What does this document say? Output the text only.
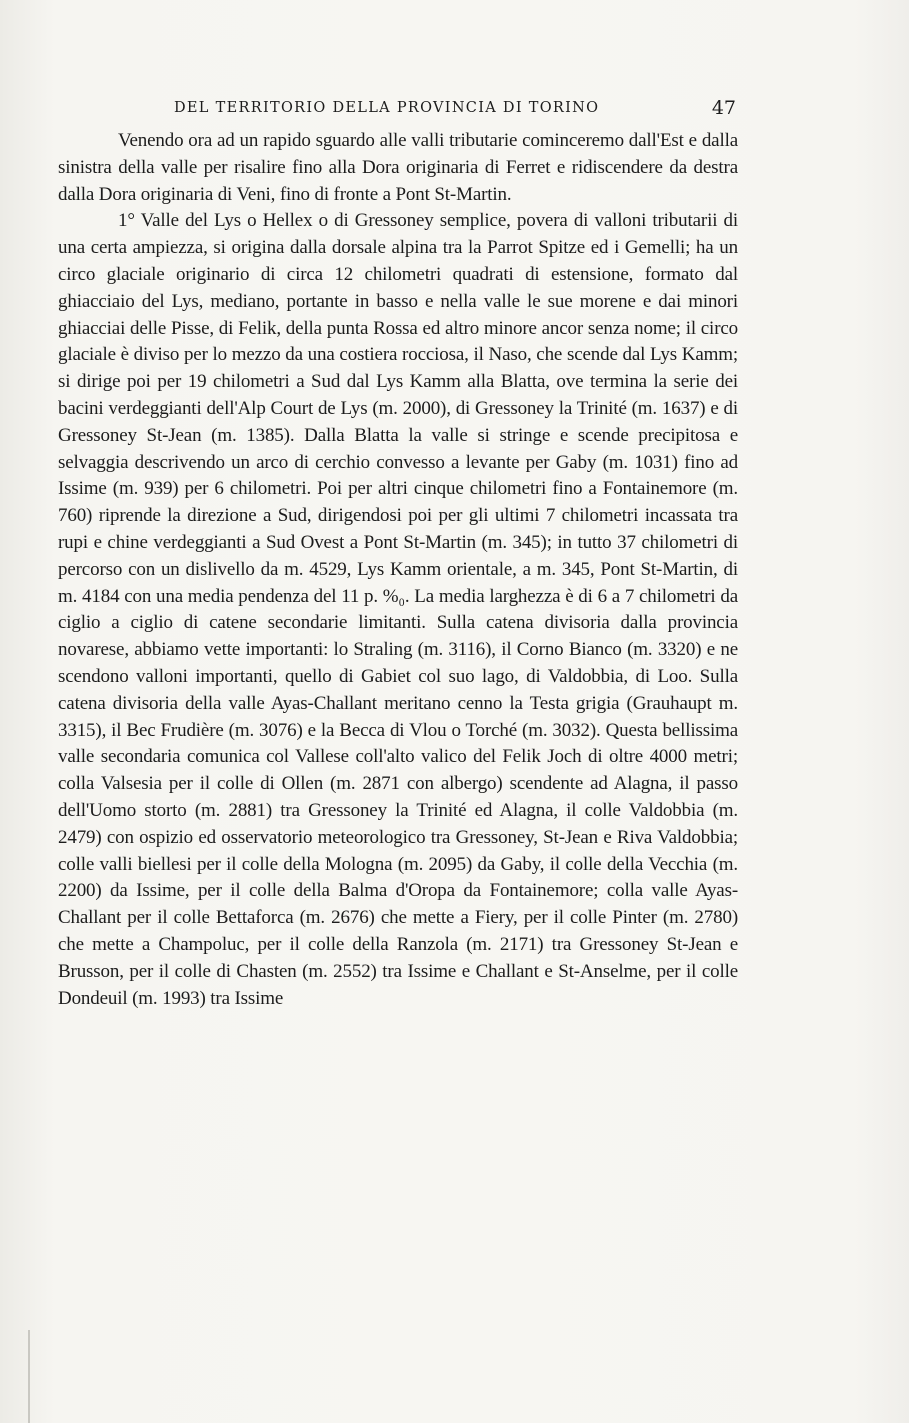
DEL TERRITORIO DELLA PROVINCIA DI TORINO	47

Venendo ora ad un rapido sguardo alle valli tributarie cominceremo dall'Est e dalla sinistra della valle per risalire fino alla Dora originaria di Ferret e ridiscendere da destra dalla Dora originaria di Veni, fino di fronte a Pont St-Martin.

1° Valle del Lys o Hellex o di Gressoney semplice, povera di valloni tributarii di una certa ampiezza, si origina dalla dorsale alpina tra la Parrot Spitze ed i Gemelli; ha un circo glaciale originario di circa 12 chilometri quadrati di estensione, formato dal ghiacciaio del Lys, mediano, portante in basso e nella valle le sue morene e dai minori ghiacciai delle Pisse, di Felik, della punta Rossa ed altro minore ancor senza nome; il circo glaciale è diviso per lo mezzo da una costiera rocciosa, il Naso, che scende dal Lys Kamm; si dirige poi per 19 chilometri a Sud dal Lys Kamm alla Blatta, ove termina la serie dei bacini verdeggianti dell'Alp Court de Lys (m. 2000), di Gressoney la Trinité (m. 1637) e di Gressoney St-Jean (m. 1385). Dalla Blatta la valle si stringe e scende precipitosa e selvaggia descrivendo un arco di cerchio convesso a levante per Gaby (m. 1031) fino ad Issime (m. 939) per 6 chilometri. Poi per altri cinque chilometri fino a Fontainemore (m. 760) riprende la direzione a Sud, dirigendosi poi per gli ultimi 7 chilometri incassata tra rupi e chine verdeggianti a Sud Ovest a Pont St-Martin (m. 345); in tutto 37 chilometri di percorso con un dislivello da m. 4529, Lys Kamm orientale, a m. 345, Pont St-Martin, di m. 4184 con una media pendenza del 11 p. %₀. La media larghezza è di 6 a 7 chilometri da ciglio a ciglio di catene secondarie limitanti. Sulla catena divisoria dalla provincia novarese, abbiamo vette importanti: lo Straling (m. 3116), il Corno Bianco (m. 3320) e ne scendono valloni importanti, quello di Gabiet col suo lago, di Valdobbia, di Loo. Sulla catena divisoria della valle Ayas-Challant meritano cenno la Testa grigia (Grauhaupt m. 3315), il Bec Frudière (m. 3076) e la Becca di Vlou o Torché (m. 3032). Questa bellissima valle secondaria comunica col Vallese coll'alto valico del Felik Joch di oltre 4000 metri; colla Valsesia per il colle di Ollen (m. 2871 con albergo) scendente ad Alagna, il passo dell'Uomo storto (m. 2881) tra Gressoney la Trinité ed Alagna, il colle Valdobbia (m. 2479) con ospizio ed osservatorio meteorologico tra Gressoney, St-Jean e Riva Valdobbia; colle valli biellesi per il colle della Mologna (m. 2095) da Gaby, il colle della Vecchia (m. 2200) da Issime, per il colle della Balma d'Oropa da Fontainemore; colla valle Ayas-Challant per il colle Bettaforca (m. 2676) che mette a Fiery, per il colle Pinter (m. 2780) che mette a Champoluc, per il colle della Ranzola (m. 2171) tra Gressoney St-Jean e Brusson, per il colle di Chasten (m. 2552) tra Issime e Challant e St-Anselme, per il colle Dondeuil (m. 1993) tra Issime
